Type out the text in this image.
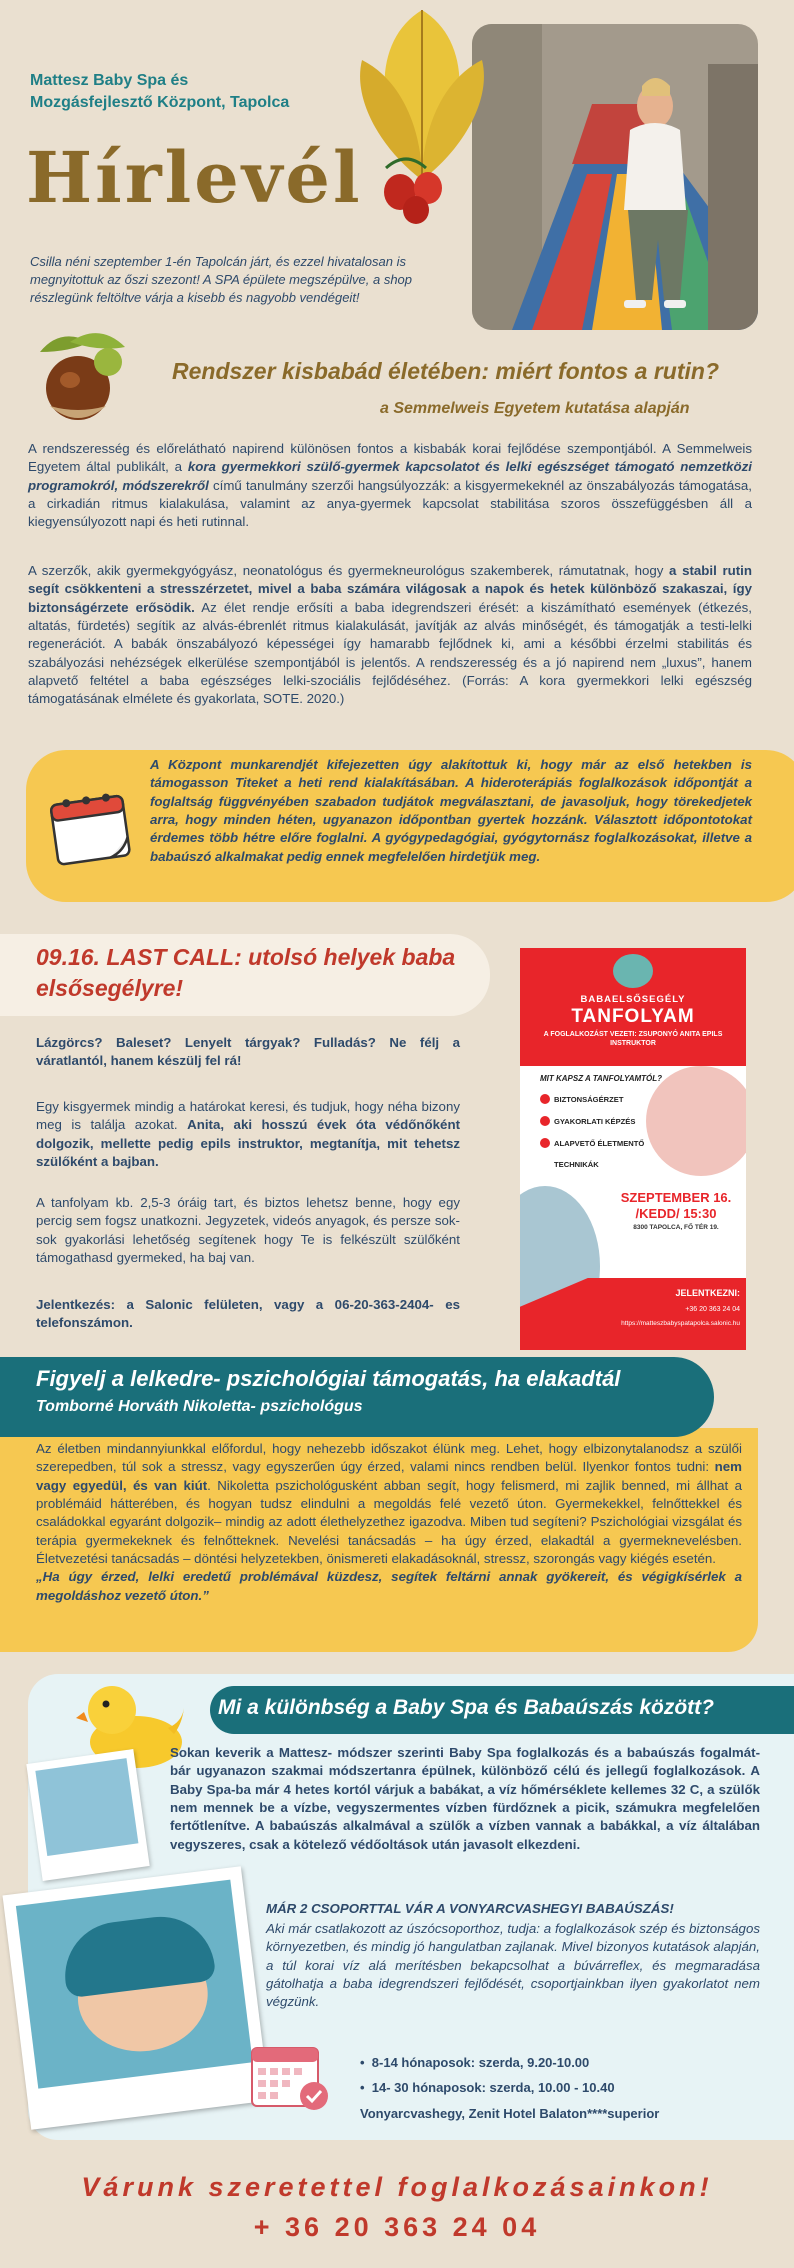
Mattesz Baby Spa és
Mozgásfejlesztő Központ, Tapolca
Hírlevél

Csilla néni szeptember 1-én Tapolcán járt, és ezzel hivatalosan is megnyitottuk az őszi szezont! A SPA épülete megszépülve, a shop részlegünk feltöltve várja a kisebb és nagyobb vendégeit!

Rendszer kisbabád életében: miért fontos a rutin?
a Semmelweis Egyetem kutatása alapján

A rendszeresség és előrelátható napirend különösen fontos a kisbabák korai fejlődése szempontjából. A Semmelweis Egyetem által publikált, a kora gyermekkori szülő-gyermek kapcsolatot és lelki egészséget támogató nemzetközi programokról, módszerekről című tanulmány szerzői hangsúlyozzák: a kisgyermekeknél az önszabályozás támogatása, a cirkadián ritmus kialakulása, valamint az anya-gyermek kapcsolat stabilitása szoros összefüggésben áll a kiegyensúlyozott napi és heti rutinnal.

A szerzők, akik gyermekgyógyász, neonatológus és gyermekneurológus szakemberek, rámutatnak, hogy a stabil rutin segít csökkenteni a stresszérzetet, mivel a baba számára világosak a napok és hetek különböző szakaszai, így biztonságérzete erősödik. Az élet rendje erősíti a baba idegrendszeri érését: a kiszámítható események (étkezés, altatás, fürdetés) segítik az alvás-ébrenlét ritmus kialakulását, javítják az alvás minőségét, és támogatják a testi-lelki regenerációt. A babák önszabályozó képességei így hamarabb fejlődnek ki, ami a későbbi érzelmi stabilitás és szabályozási nehézségek elkerülése szempontjából is jelentős. A rendszeresség és a jó napirend nem „luxus”, hanem alapvető feltétel a baba egészséges lelki-szociális fejlődéséhez. (Forrás: A kora gyermekkori lelki egészség támogatásának elmélete és gyakorlata, SOTE. 2020.)

A Központ munkarendjét kifejezetten úgy alakítottuk ki, hogy már az első hetekben is támogasson Titeket a heti rend kialakításában. A hideroterápiás foglalkozások időpontját a foglaltság függvényében szabadon tudjátok megválasztani, de javasoljuk, hogy törekedjetek arra, hogy minden héten, ugyanazon időpontban gyertek hozzánk. Választott időpontotokat érdemes több hétre előre foglalni. A gyógypedagógiai, gyógytornász foglalkozásokat, illetve a babaúszó alkalmakat pedig ennek megfelelően hirdetjük meg.

09.16. LAST CALL: utolsó helyek baba elsősegélyre!

Lázgörcs? Baleset? Lenyelt tárgyak? Fulladás? Ne félj a váratlantól, hanem készülj fel rá!

Egy kisgyermek mindig a határokat keresi, és tudjuk, hogy néha bizony meg is találja azokat. Anita, aki hosszú évek óta védőnőként dolgozik, mellette pedig epils instruktor, megtanítja, mit tehetsz szülőként a bajban.

A tanfolyam kb. 2,5-3 óráig tart, és biztos lehetsz benne, hogy egy percig sem fogsz unatkozni. Jegyzetek, videós anyagok, és persze sok-sok gyakorlási lehetőség segítenek hogy Te is felkészült szülőként támogathasd gyermeked, ha baj van.

Jelentkezés: a Salonic felületen, vagy a 06-20-363-2404- es telefonszámon.

BABAELSŐSEGÉLY
TANFOLYAM
A FOGLALKOZÁST VEZETI: ZSUPONYÓ ANITA EPILS INSTRUKTOR
MIT KAPSZ A TANFOLYAMTÓL?
BIZTONSÁGÉRZET
GYAKORLATI KÉPZÉS
ALAPVETŐ ÉLETMENTŐ
TECHNIKÁK
SZEPTEMBER 16. /KEDD/ 15:30
8300 TAPOLCA, FŐ TÉR 19.
JELENTKEZNI:
+36 20 363 24 04
https://matteszbabyspatapolca.salonic.hu
Figyelj a lelkedre- pszichológiai támogatás, ha elakadtál
Tomborné Horváth Nikoletta- pszichológus

Az életben mindannyiunkkal előfordul, hogy nehezebb időszakot élünk meg. Lehet, hogy elbizonytalanodsz a szülői szerepedben, túl sok a stressz, vagy egyszerűen úgy érzed, valami nincs rendben belül. Ilyenkor fontos tudni: nem vagy egyedül, és van kiút. Nikoletta pszichológusként abban segít, hogy felismerd, mi zajlik benned, mi állhat a problémáid hátterében, és hogyan tudsz elindulni a megoldás felé vezető úton. Gyermekekkel, felnőttekkel és családokkal egyaránt dolgozik– mindig az adott élethelyzethez igazodva. Miben tud segíteni? Pszichológiai vizsgálat és terápia gyermekeknek és felnőtteknek. Nevelési tanácsadás – ha úgy érzed, elakadtál a gyermeknevelésben. Életvezetési tanácsadás – döntési helyzetekben, önismereti elakadásoknál, stressz, szorongás vagy kiégés esetén.
„Ha úgy érzed, lelki eredetű problémával küzdesz, segítek feltárni annak gyökereit, és végigkísérlek a megoldáshoz vezető úton.”

Mi a különbség a Baby Spa és Babaúszás között?

Sokan keverik a Mattesz- módszer szerinti Baby Spa foglalkozás és a babaúszás fogalmát- bár ugyanazon szakmai módszertanra épülnek, különböző célú és jellegű foglalkozások. A Baby Spa-ba már 4 hetes kortól várjuk a babákat, a víz hőmérséklete kellemes 32 C, a szülők nem mennek be a vízbe, vegyszermentes vízben fürdőznek a picik, számukra megfelelően fertőtlenítve. A babaúszás alkalmával a szülők a vízben vannak a babákkal, a víz általában vegyszeres, csak a kötelező védőoltások után javasolt elkezdeni.

MÁR 2 CSOPORTTAL VÁR A VONYARCVASHEGYI BABAÚSZÁS!

Aki már csatlakozott az úszócsoporthoz, tudja: a foglalkozások szép és biztonságos környezetben, és mindig jó hangulatban zajlanak. Mivel bizonyos kutatások alapján, a túl korai víz alá merítésben bekapcsolhat a búvárreflex, és megmaradása gátolhatja a baba idegrendszeri fejlődését, csoportjainkban ilyen gyakorlatot nem végzünk.

•  8-14 hónaposok: szerda, 9.20-10.00
•  14- 30 hónaposok: szerda, 10.00 - 10.40
Vonyarcvashegy, Zenit Hotel Balaton****superior
Várunk szeretettel foglalkozásainkon!
+ 36 20 363 24 04
